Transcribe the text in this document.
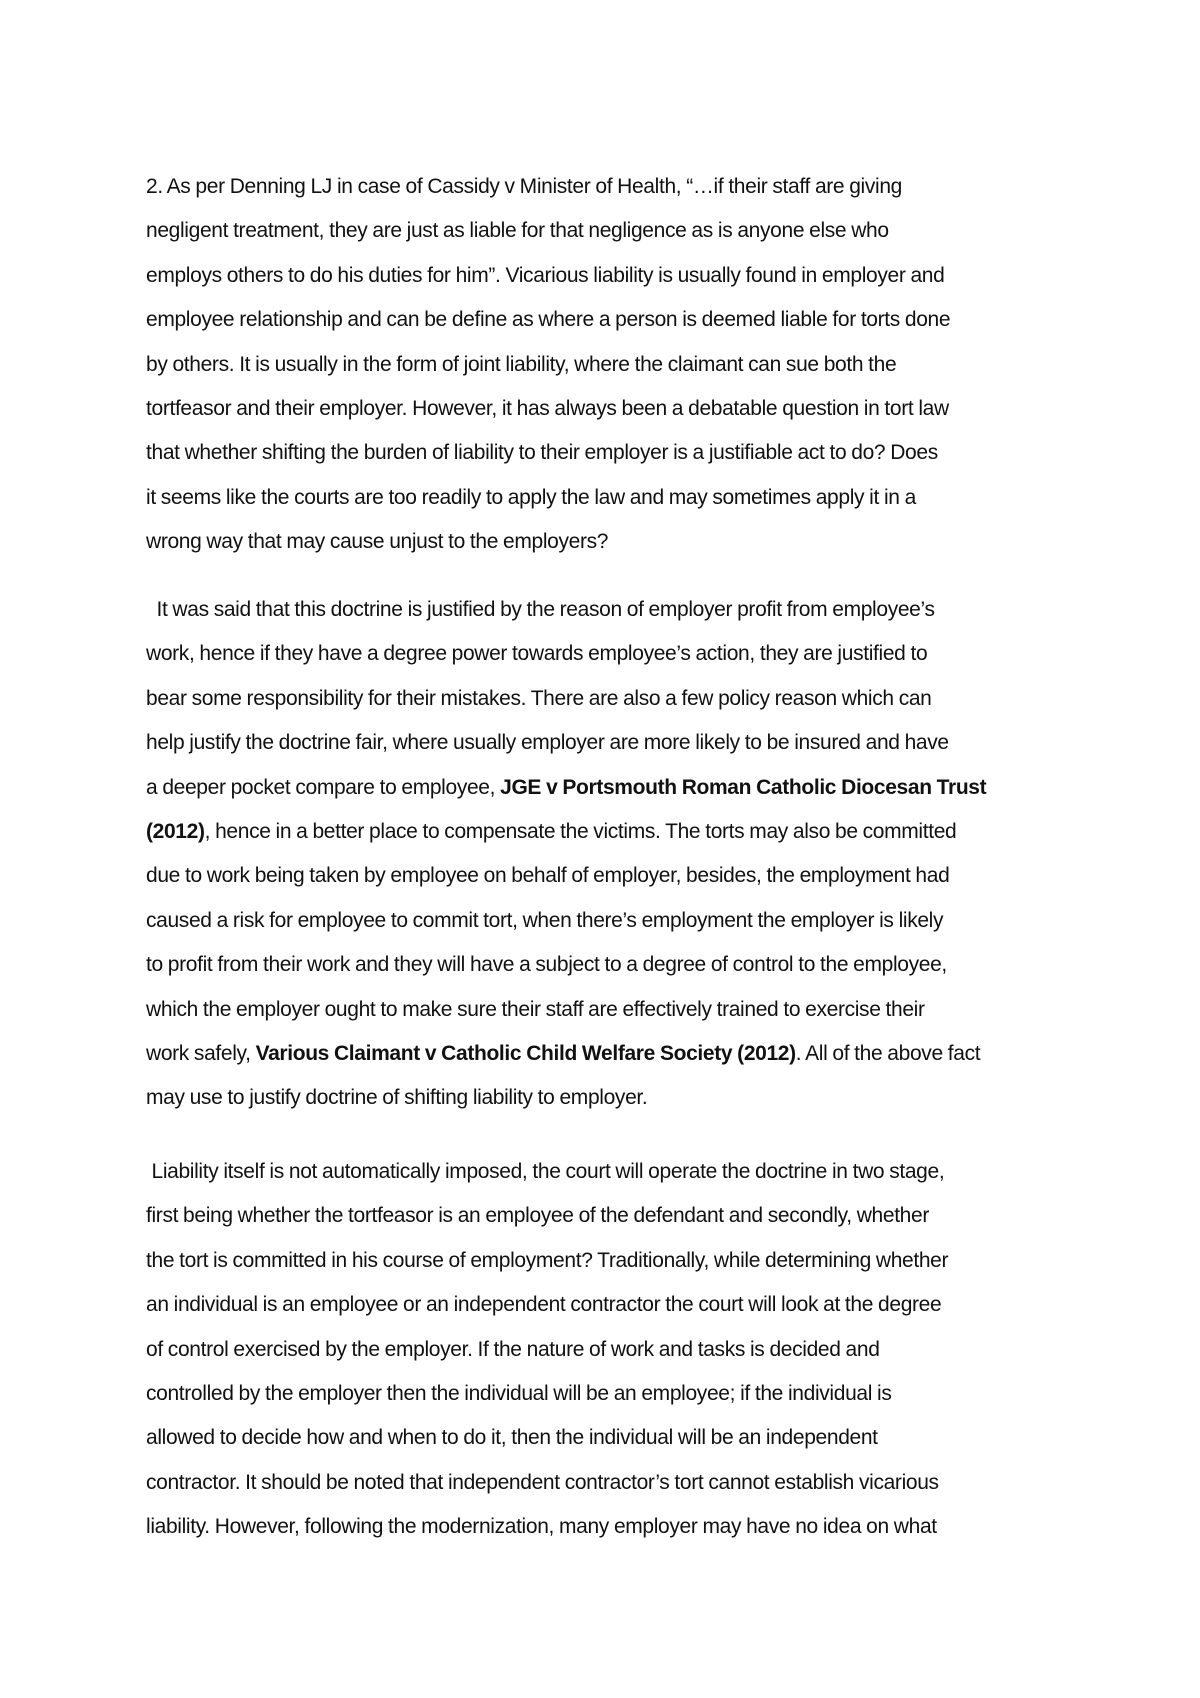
2. As per Denning LJ in case of Cassidy v Minister of Health, “…if their staff are giving
negligent treatment, they are just as liable for that negligence as is anyone else who
employs others to do his duties for him”. Vicarious liability is usually found in employer and
employee relationship and can be define as where a person is deemed liable for torts done
by others. It is usually in the form of joint liability, where the claimant can sue both the
tortfeasor and their employer. However, it has always been a debatable question in tort law
that whether shifting the burden of liability to their employer is a justifiable act to do? Does
it seems like the courts are too readily to apply the law and may sometimes apply it in a
wrong way that may cause unjust to the employers?
It was said that this doctrine is justified by the reason of employer profit from employee’s
work, hence if they have a degree power towards employee’s action, they are justified to
bear some responsibility for their mistakes. There are also a few policy reason which can
help justify the doctrine fair, where usually employer are more likely to be insured and have
a deeper pocket compare to employee, JGE v Portsmouth Roman Catholic Diocesan Trust
(2012), hence in a better place to compensate the victims. The torts may also be committed
due to work being taken by employee on behalf of employer, besides, the employment had
caused a risk for employee to commit tort, when there’s employment the employer is likely
to profit from their work and they will have a subject to a degree of control to the employee,
which the employer ought to make sure their staff are effectively trained to exercise their
work safely, Various Claimant v Catholic Child Welfare Society (2012). All of the above fact
may use to justify doctrine of shifting liability to employer.
Liability itself is not automatically imposed, the court will operate the doctrine in two stage,
first being whether the tortfeasor is an employee of the defendant and secondly, whether
the tort is committed in his course of employment? Traditionally, while determining whether
an individual is an employee or an independent contractor the court will look at the degree
of control exercised by the employer. If the nature of work and tasks is decided and
controlled by the employer then the individual will be an employee; if the individual is
allowed to decide how and when to do it, then the individual will be an independent
contractor. It should be noted that independent contractor’s tort cannot establish vicarious
liability. However, following the modernization, many employer may have no idea on what
